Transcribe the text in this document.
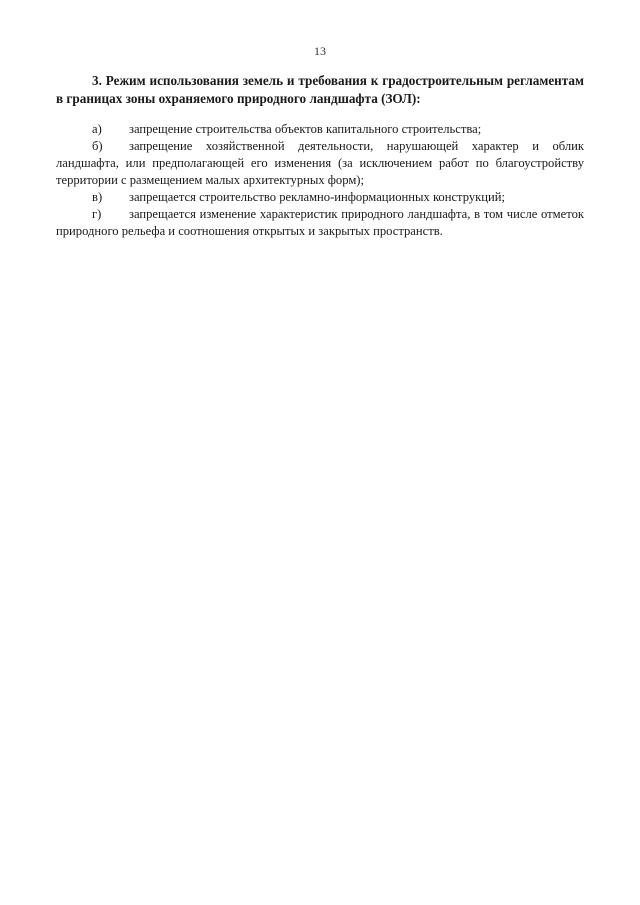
13

3. Режим использования земель и требования к градостроительным регламентам в границах зоны охраняемого природного ландшафта (ЗОЛ):

а) запрещение строительства объектов капитального строительства;

б) запрещение хозяйственной деятельности, нарушающей характер и облик ландшафта, или предполагающей его изменения (за исключением работ по благоустройству территории с размещением малых архитектурных форм);

в) запрещается строительство рекламно-информационных конструкций;

г) запрещается изменение характеристик природного ландшафта, в том числе отметок природного рельефа и соотношения открытых и закрытых пространств.
